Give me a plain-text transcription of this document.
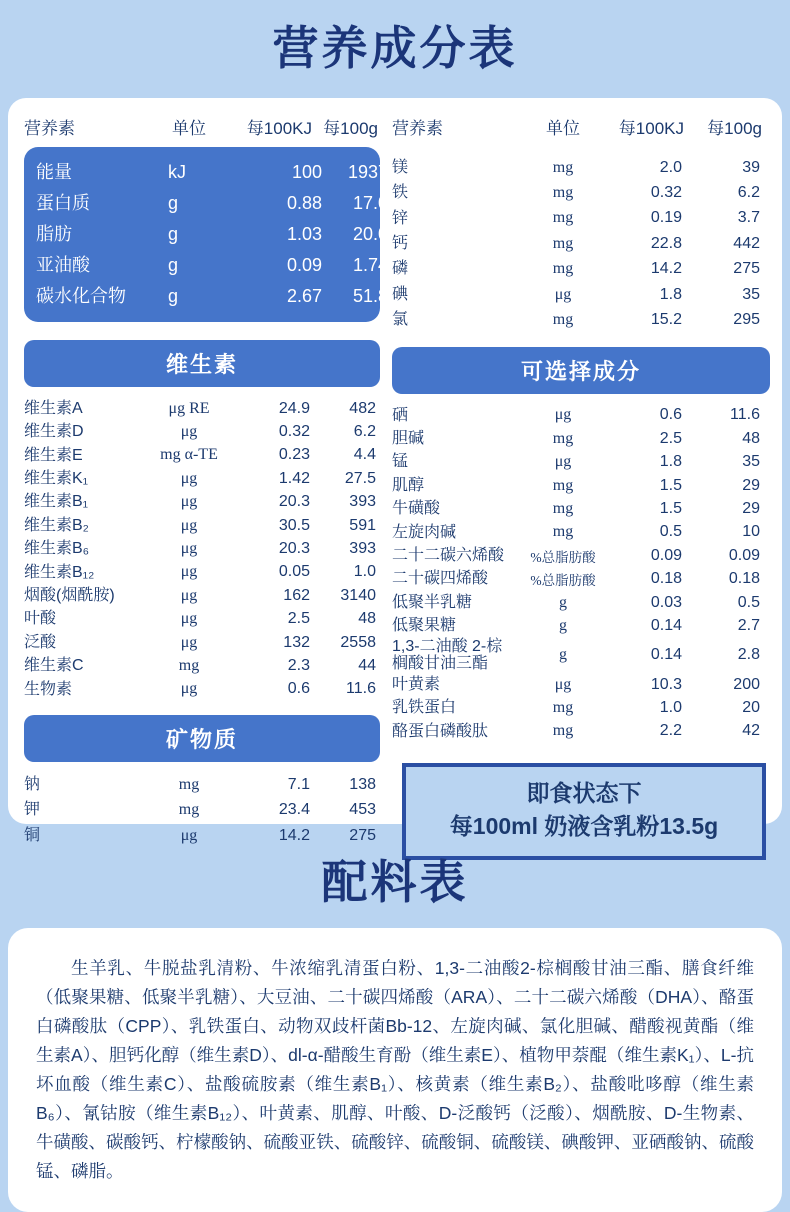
营养成分表
营养素	单位	每100KJ 每100g
能量	kJ	100	1937
蛋白质	g	0.88	17.0
脂肪	g	1.03	20.0
亚油酸	g	0.09	1.74
碳水化合物	g	2.67	51.8
维生素
维生素A	μg RE	24.9	482
维生素D	μg	0.32	6.2
维生素E	mg α-TE	0.23	4.4
维生素K₁	μg	1.42	27.5
维生素B₁	μg	20.3	393
维生素B₂	μg	30.5	591
维生素B₆	μg	20.3	393
维生素B₁₂	μg	0.05	1.0
烟酸(烟酰胺)	μg	162	3140
叶酸	μg	2.5	48
泛酸	μg	132	2558
维生素C	mg	2.3	44
生物素	μg	0.6	11.6
矿物质
钠	mg	7.1	138
钾	mg	23.4	453
铜	μg	14.2	275
营养素	单位	每100KJ	每100g
镁	mg	2.0	39
铁	mg	0.32	6.2
锌	mg	0.19	3.7
钙	mg	22.8	442
磷	mg	14.2	275
碘	μg	1.8	35
氯	mg	15.2	295
可选择成分
硒	μg	0.6	11.6
胆碱	mg	2.5	48
锰	μg	1.8	35
肌醇	mg	1.5	29
牛磺酸	mg	1.5	29
左旋肉碱	mg	0.5	10
二十二碳六烯酸	%总脂肪酸	0.09	0.09
二十碳四烯酸	%总脂肪酸	0.18	0.18
低聚半乳糖	g	0.03	0.5
低聚果糖	g	0.14	2.7
1,3-二油酸 2-棕榈酸甘油三酯
g	0.14	2.8
叶黄素	μg	10.3	200
乳铁蛋白	mg	1.0	20
酪蛋白磷酸肽	mg	2.2	42
即食状态下
每100ml 奶液含乳粉13.5g
配料表

生羊乳、牛脱盐乳清粉、牛浓缩乳清蛋白粉、1,3-二油酸2-棕榈酸甘油三酯、膳食纤维（低聚果糖、低聚半乳糖）、大豆油、二十碳四烯酸（ARA）、二十二碳六烯酸（DHA）、酪蛋白磷酸肽（CPP）、乳铁蛋白、动物双歧杆菌Bb-12、左旋肉碱、氯化胆碱、醋酸视黄酯（维生素A）、胆钙化醇（维生素D）、dl-α-醋酸生育酚（维生素E）、植物甲萘醌（维生素K₁）、L-抗坏血酸（维生素C）、盐酸硫胺素（维生素B₁）、核黄素（维生素B₂）、盐酸吡哆醇（维生素B₆）、氰钴胺（维生素B₁₂）、叶黄素、肌醇、叶酸、D-泛酸钙（泛酸）、烟酰胺、D-生物素、牛磺酸、碳酸钙、柠檬酸钠、硫酸亚铁、硫酸锌、硫酸铜、硫酸镁、碘酸钾、亚硒酸钠、硫酸锰、磷脂。
